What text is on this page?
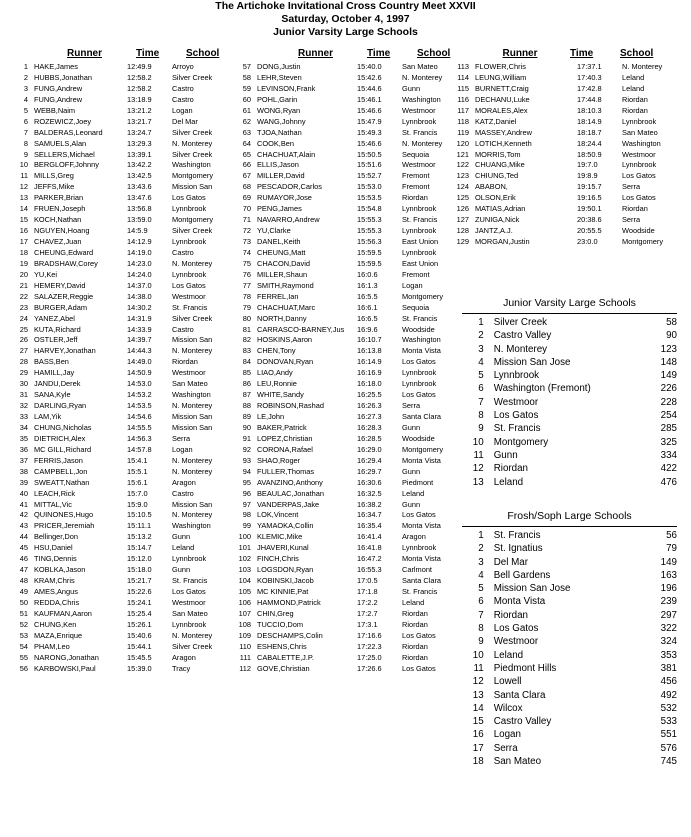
The Artichoke Invitational Cross Country Meet XXVII
Saturday, October 4, 1997
Junior Varsity Large Schools
Runner	Time	School	Runner	Time	School	Runner	Time	School
1 HAKE,James	12:49.9	Arroyo
2 HUBBS,Jonathan	12:58.2	Silver Creek
3 FUNG,Andrew	12:58.2	Castro
4 FUNG,Andrew	13:18.9	Castro
5 WEBB,Naim	13:21.2	Logan
6 ROZEWICZ,Joey	13:21.7	Del Mar
7 BALDERAS,Leonard	13:24.7	Silver Creek
8 SAMUELS,Alan	13:29.3	N. Monterey
9 SELLERS,Michael	13:39.1	Silver Creek
10 BERGLOFF,Johnny	13:42.2	Washington
11 MILLS,Greg	13:42.5	Montgomery
12 JEFFS,Mike	13:43.6	Mission San
13 PARKER,Brian	13:47.6	Los Gatos
14 FRUEN,Joseph	13:56.8	Lynnbrook
15 KOCH,Nathan	13:59.0	Montgomery
16 NGUYEN,Hoang	14:5.9	Silver Creek
17 CHAVEZ,Juan	14:12.9	Lynnbrook
18 CHEUNG,Edward	14:19.0	Castro
19 BRADSHAW,Corey	14:23.0	N. Monterey
20 YU,Kei	14:24.0	Lynnbrook
21 HEMERY,David	14:37.0	Los Gatos
22 SALAZER,Reggie	14:38.0	Westmoor
23 BURGER,Adam	14:30.2	St. Francis
24 YANEZ,Abel	14:31.9	Silver Creek
25 KUTA,Richard	14:33.9	Castro
26 OSTLER,Jeff	14:39.7	Mission San
27 HARVEY,Jonathan	14:44.3	N. Monterey
28 BASS,Ben	14:49.0	Riordan
29 HAMILL,Jay	14:50.9	Westmoor
30 JANDU,Derek	14:53.0	San Mateo
31 SANA,Kyle	14:53.2	Washington
32 DARLING,Ryan	14:53.5	N. Monterey
33 LAM,Yik	14:54.6	Mission San
34 CHUNG,Nicholas	14:55.5	Mission San
35 DIETRICH,Alex	14:56.3	Serra
36 MC GILL,Richard	14:57.8	Logan
37 FERRIS,Jason	15:4.1	N. Monterey
38 CAMPBELL,Jon	15:5.1	N. Monterey
39 SWEATT,Nathan	15:6.1	Aragon
40 LEACH,Rick	15:7.0	Castro
41 MITTAL,Vic	15:9.0	Mission San
42 QUINONES,Hugo	15:10.5	N. Monterey
43 PRICER,Jeremiah	15:11.1	Washington
44 Bellinger,Don	15:13.2	Gunn
45 HSU,Daniel	15:14.7	Leland
46 TING,Dennis	15:12.0	Lynnbrook
47 KOBLKA,Jason	15:18.0	Gunn
48 KRAM,Chris	15:21.7	St. Francis
49 AMES,Angus	15:22.6	Los Gatos
50 REDDA,Chris	15:24.1	Westmoor
51 KAUFMAN,Aaron	15:25.4	San Mateo
52 CHUNG,Ken	15:26.1	Lynnbrook
53 MAZA,Enrique	15:40.6	N. Monterey
54 PHAM,Leo	15:44.1	Silver Creek
55 NARONG,Jonathan	15:45.5	Aragon
56 KARBOWSKI,Paul	15:39.0	Tracy
57 DONG,Justin	15:40.0	San Mateo
58 LEHR,Steven	15:42.6	N. Monterey
59 LEVINSON,Frank	15:44.6	Gunn
60 POHL,Garin	15:46.1	Washington
61 WONG,Ryan	15:46.6	Westmoor
62 WANG,Johnny	15:47.9	Lynnbrook
63 TJOA,Nathan	15:49.3	St. Francis
64 COOK,Ben	15:46.6	N. Monterey
65 CHACHUAT,Alain	15:50.5	Sequoia
66 ELLIS,Jason	15:51.6	Westmoor
67 MILLER,David	15:52.7	Fremont
68 PESCADOR,Carlos	15:53.0	Fremont
69 RUMAYOR,Jose	15:53.5	Riordan
70 PENG,James	15:54.8	Lynnbrook
71 NAVARRO,Andrew	15:55.3	St. Francis
72 YU,Clarke	15:55.3	Lynnbrook
73 DANEL,Keith	15:56.3	East Union
74 CHEUNG,Matt	15:59.5	Lynnbrook
75 CHACON,David	15:59.5	East Union
76 MILLER,Shaun	16:0.6	Fremont
77 SMITH,Raymond	16:1.3	Logan
78 FERREL,Ian	16:5.5	Montgomery
79 CHACHUAT,Marc	16:6.1	Sequoia
80 NORTH,Danny	16:6.5	St. Francis
81 CARRASCO-BARNEY,Jus	16:9.6	Woodside
82 HOSKINS,Aaron	16:10.7	Washington
83 CHEN,Tony	16:13.8	Monta Vista
84 DONOVAN,Ryan	16:14.9	Los Gatos
85 LIAO,Andy	16:16.9	Lynnbrook
86 LEU,Ronnie	16:18.0	Lynnbrook
87 WHITE,Sandy	16:25.5	Los Gatos
88 ROBINSON,Rashad	16:26.3	Serra
89 LE,John	16:27.3	Santa Clara
90 BAKER,Patrick	16:28.3	Gunn
91 LOPEZ,Christian	16:28.5	Woodside
92 CORONA,Rafael	16:29.0	Montgomery
93 SHAO,Roger	16:29.4	Monta Vista
94 FULLER,Thomas	16:29.7	Gunn
95 AVANZINO,Anthony	16:30.6	Piedmont
96 BEAULAC,Jonathan	16:32.5	Leland
97 VANDERPAS,Jake	16:38.2	Gunn
98 LOK,Vincent	16:34.7	Los Gatos
99 YAMAOKA,Collin	16:35.4	Monta Vista
100 KLEMIC,Mike	16:41.4	Aragon
101 JHAVERI,Kunal	16:41.8	Lynnbrook
102 FINCH,Chris	16:47.2	Monta Vista
103 LOGSDON,Ryan	16:55.3	Carlmont
104 KOBINSKI,Jacob	17:0.5	Santa Clara
105 MC KINNIE,Pat	17:1.8	St. Francis
106 HAMMOND,Patrick	17:2.2	Leland
107 CHIN,Greg	17:2.7	Riordan
108 TUCCIO,Dom	17:3.1	Riordan
109 DESCHAMPS,Colin	17:16.6	Los Gatos
110 ESHENS,Chris	17:22.3	Riordan
111 CABALETTE,J.P.	17:25.0	Riordan
112 GOVE,Christian	17:26.6	Los Gatos
113 FLOWER,Chris	17:37.1	N. Monterey
114 LEUNG,William	17:40.3	Leland
115 BURNETT,Craig	17:42.8	Leland
116 DECHANU,Luke	17:44.8	Riordan
117 MORALES,Alex	18:10.3	Riordan
118 KATZ,Daniel	18:14.9	Lynnbrook
119 MASSEY,Andrew	18:18.7	San Mateo
120 LOTICH,Kenneth	18:24.4	Washington
121 MORRIS,Tom	18:50.9	Westmoor
122 CHUANG,Mike	19:7.0	Lynnbrook
123 CHIUNG,Ted	19:8.9	Los Gatos
124 ABABON,	19:15.7	Serra
125 OLSON,Erik	19:16.5	Los Gatos
126 MATIAS,Adrian	19:50.1	Riordan
127 ZUNIGA,Nick	20:38.6	Serra
128 JANTZ,A.J.	20:55.5	Woodside
129 MORGAN,Justin	23:0.0	Montgomery
Junior Varsity Large Schools
1	Silver Creek	58
2	Castro Valley	90
3	N. Monterey	123
4	Mission San Jose	148
5	Lynnbrook	149
6	Washington (Fremont)	226
7	Westmoor	228
8	Los Gatos	254
9	St. Francis	285
10	Montgomery	325
11	Gunn	334
12	Riordan	422
13	Leland	476
Frosh/Soph Large Schools
1	St. Francis	56
2	St. Ignatius	79
3	Del Mar	149
4	Bell Gardens	163
5	Mission San Jose	196
6	Monta Vista	239
7	Riordan	297
8	Los Gatos	322
9	Westmoor	324
10	Leland	353
11	Piedmont Hills	381
12	Lowell	456
13	Santa Clara	492
14	Wilcox	532
15	Castro Valley	533
16	Logan	551
17	Serra	576
18	San Mateo	745
